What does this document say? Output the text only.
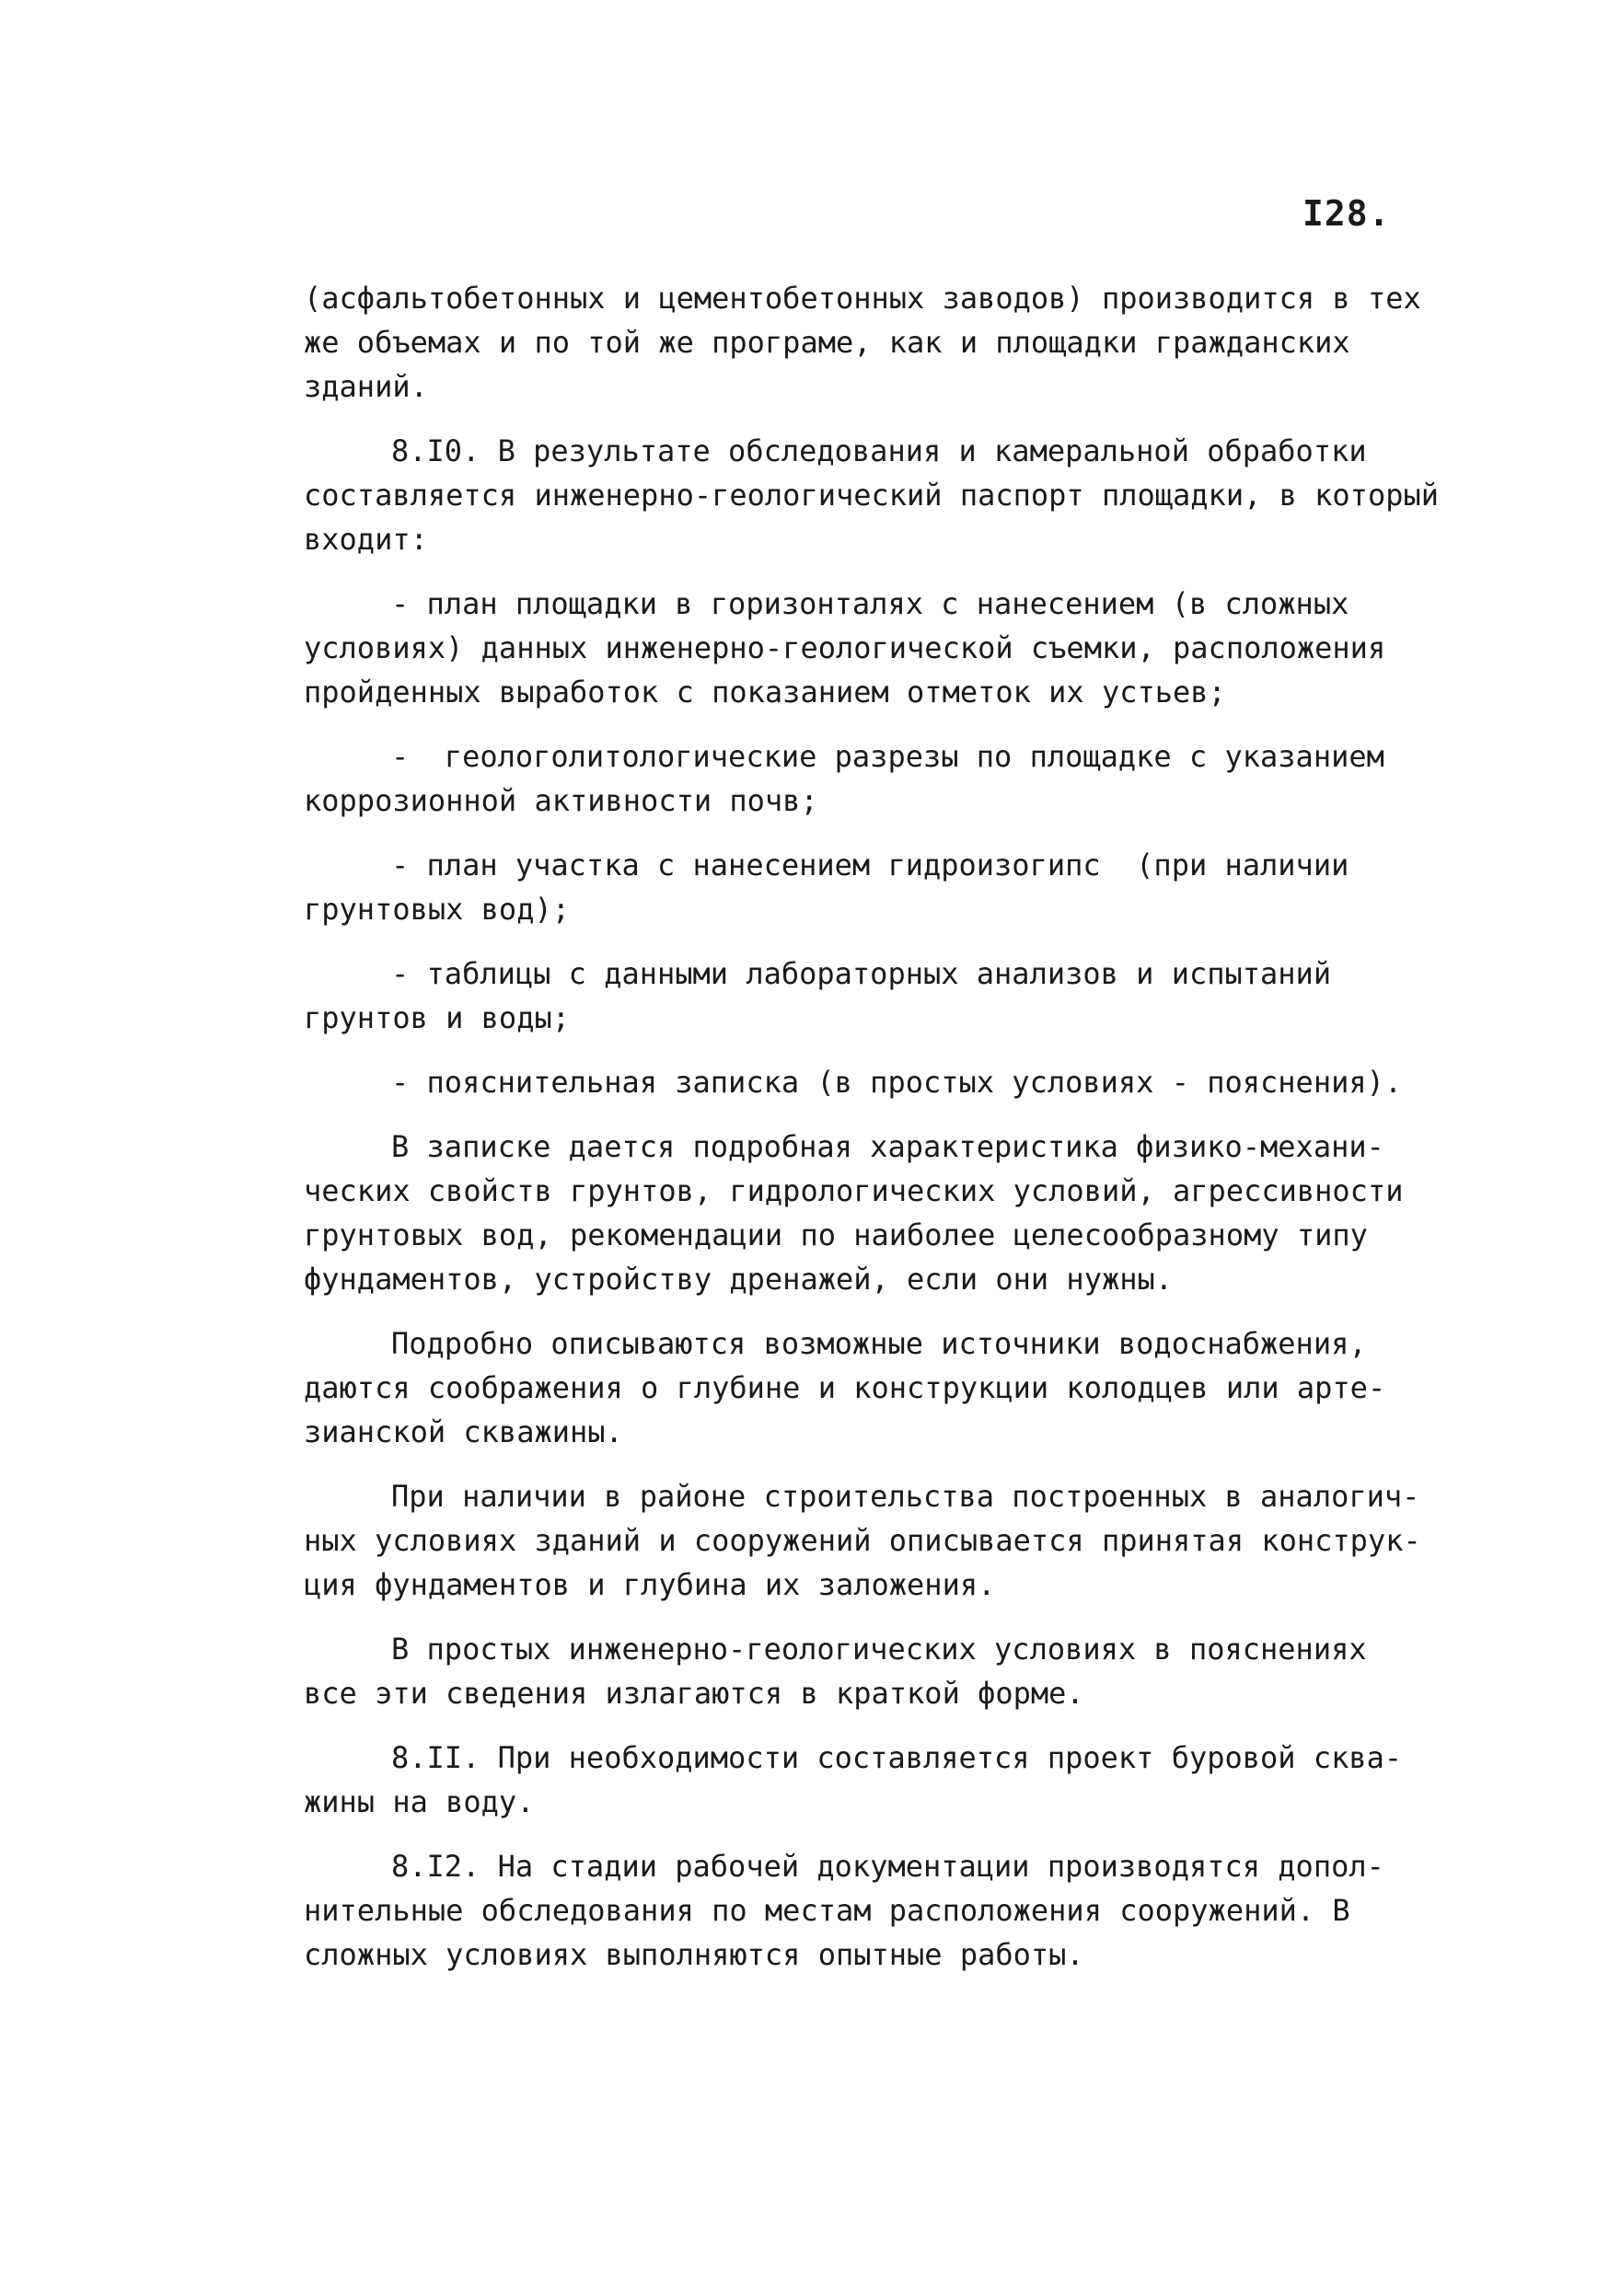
I28.
(асфальтобетонных и цементобетонных заводов) производится в тех
же объемах и по той же програме, как и площадки гражданских
зданий.
8.I0. В результате обследования и камеральной обработки
составляется инженерно-геологический паспорт площадки, в который
входит:
- план площадки в горизонталях с нанесением (в сложных
условиях) данных инженерно-геологической съемки, расположения
пройденных выработок с показанием отметок их устьев;
-  геологолитологические разрезы по площадке с указанием
коррозионной активности почв;
- план участка с нанесением гидроизогипс  (при наличии
грунтовых вод);
- таблицы с данными лабораторных анализов и испытаний
грунтов и воды;
- пояснительная записка (в простых условиях - пояснения).
В записке дается подробная характеристика физико-механи-
ческих свойств грунтов, гидрологических условий, агрессивности
грунтовых вод, рекомендации по наиболее целесообразному типу
фундаментов, устройству дренажей, если они нужны.
Подробно описываются возможные источники водоснабжения,
даются соображения о глубине и конструкции колодцев или арте-
зианской скважины.
При наличии в районе строительства построенных в аналогич-
ных условиях зданий и сооружений описывается принятая конструк-
ция фундаментов и глубина их заложения.
В простых инженерно-геологических условиях в пояснениях
все эти сведения излагаются в краткой форме.
8.II. При необходимости составляется проект буровой сква-
жины на воду.
8.I2. На стадии рабочей документации производятся допол-
нительные обследования по местам расположения сооружений. В
сложных условиях выполняются опытные работы.
